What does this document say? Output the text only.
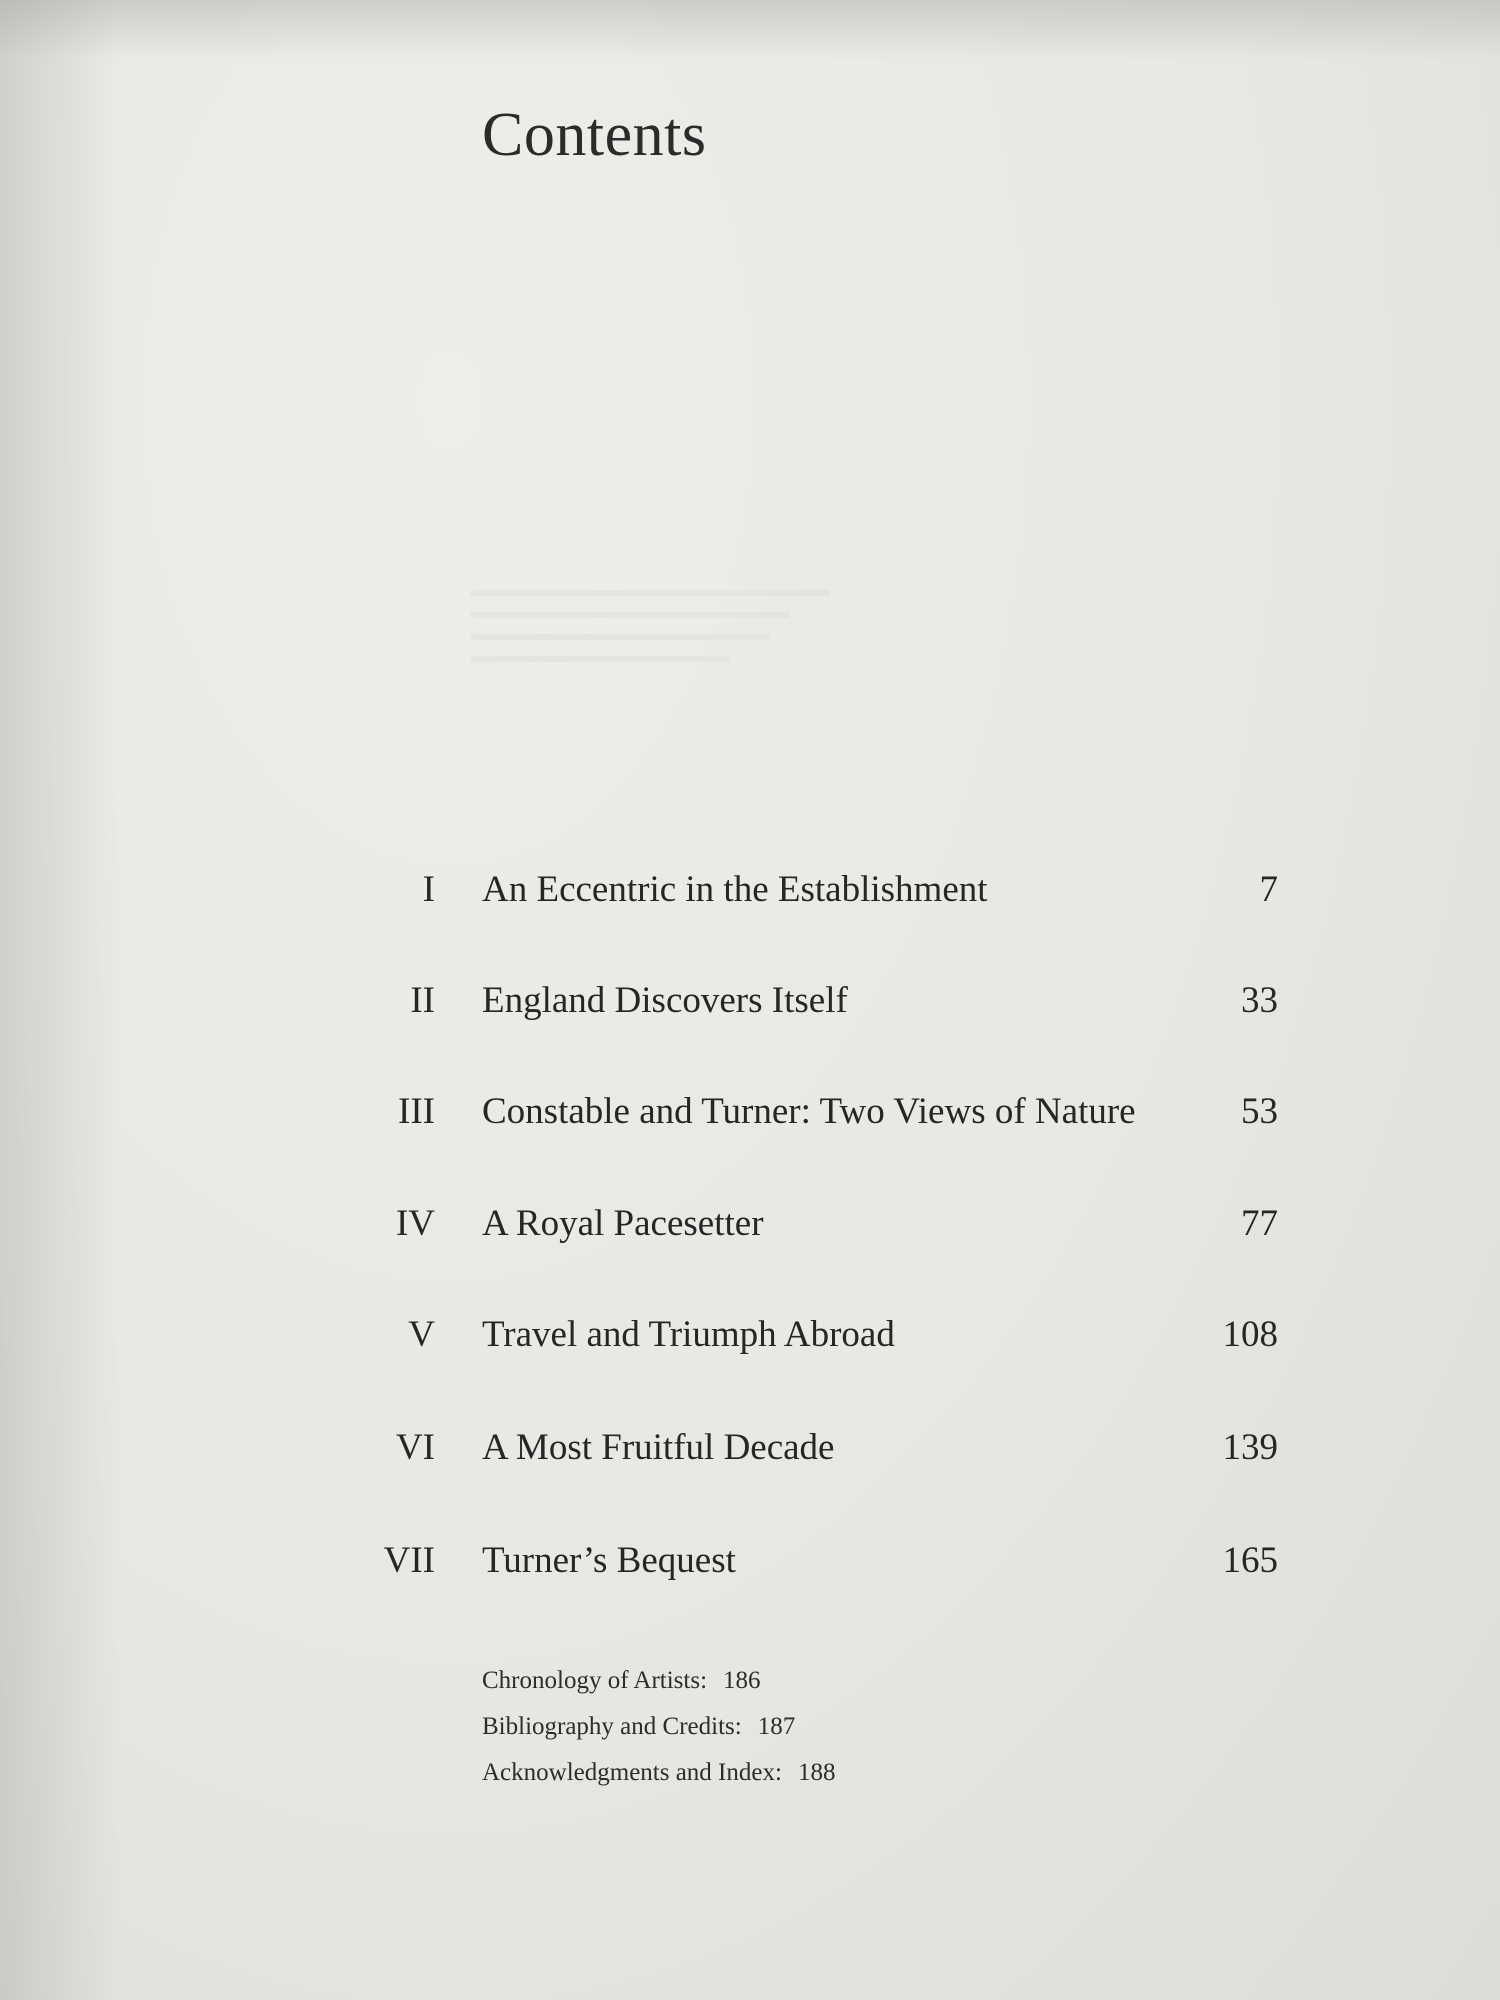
Contents
I An Eccentric in the Establishment	7
II England Discovers Itself	33
III Constable and Turner: Two Views of Nature	53
IV A Royal Pacesetter	77
V Travel and Triumph Abroad	108
VI A Most Fruitful Decade	139
VII Turner’s Bequest	165
Chronology of Artists: 186
Bibliography and Credits: 187
Acknowledgments and Index: 188
